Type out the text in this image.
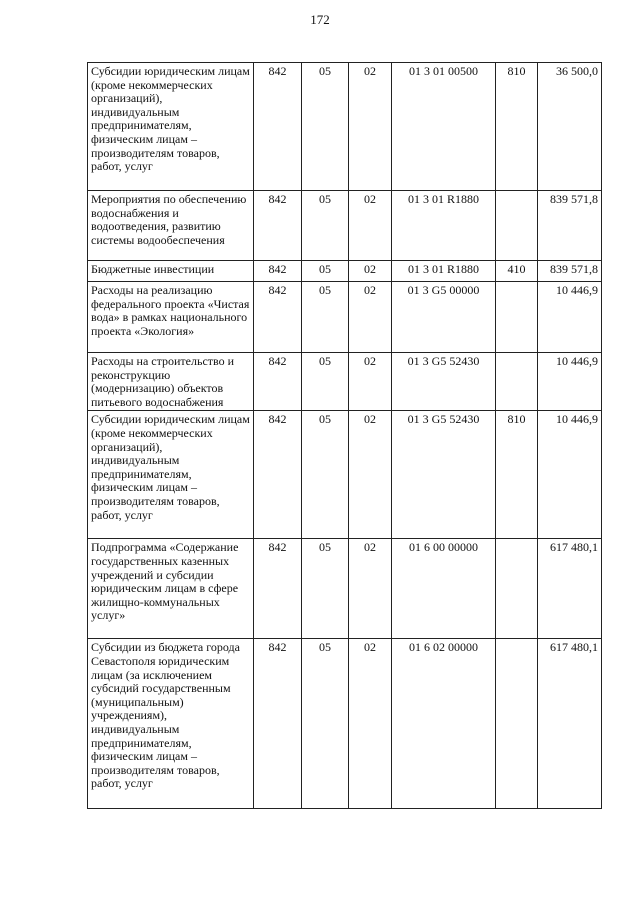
172
Субсидии юридическим лицам (кроме некоммерческих организаций), индивидуальным предпринимателям, физическим лицам – производителям товаров, работ, услуг	842	05	02	01 3 01 00500	810	36 500,0
Мероприятия по обеспечению водоснабжения и водоотведения, развитию системы водообеспечения	842	05	02	01 3 01 R1880		839 571,8
Бюджетные инвестиции	842	05	02	01 3 01 R1880	410	839 571,8
Расходы на реализацию федерального проекта «Чистая вода» в рамках национального проекта «Экология»	842	05	02	01 3 G5 00000		10 446,9
Расходы на строительство и реконструкцию (модернизацию) объектов питьевого водоснабжения	842	05	02	01 3 G5 52430		10 446,9
Субсидии юридическим лицам (кроме некоммерческих организаций), индивидуальным предпринимателям, физическим лицам – производителям товаров, работ, услуг	842	05	02	01 3 G5 52430	810	10 446,9
Подпрограмма «Содержание государственных казенных учреждений и субсидии юридическим лицам в сфере жилищно-коммунальных услуг»	842	05	02	01 6 00 00000		617 480,1
Субсидии из бюджета города Севастополя юридическим лицам (за исключением субсидий государственным (муниципальным) учреждениям), индивидуальным предпринимателям, физическим лицам – производителям товаров, работ, услуг	842	05	02	01 6 02 00000		617 480,1
